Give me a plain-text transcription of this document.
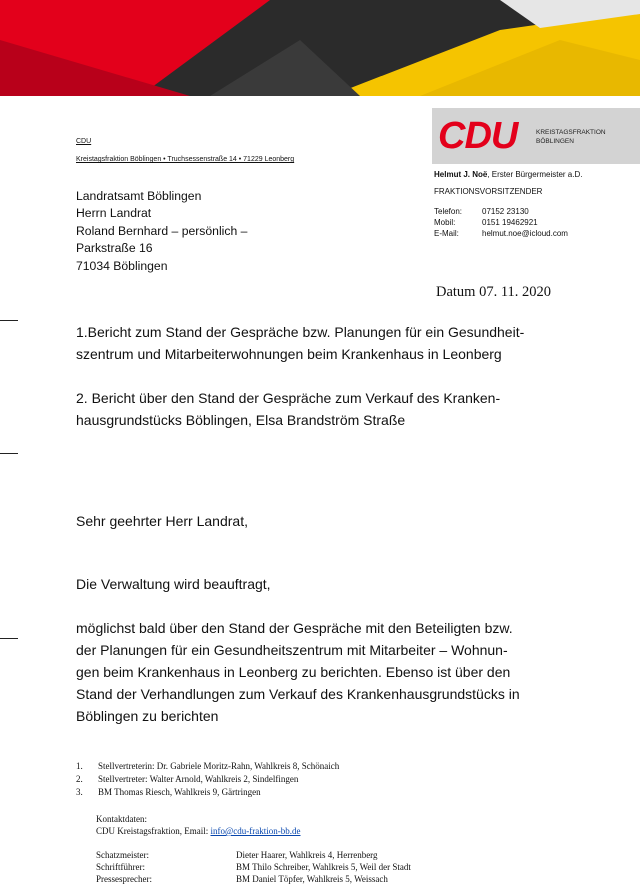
CDU
Kreistagsfraktion Böblingen • Truchsessenstraße 14 • 71229 Leonberg
Landratsamt Böblingen
Herrn Landrat
Roland Bernhard – persönlich –
Parkstraße 16
71034 Böblingen
CDU	KREISTAGSFRAKTION
BÖBLINGEN
Helmut J. Noë, Erster Bürgermeister a.D.
FRAKTIONSVORSITZENDER
Telefon: 07152 23130
Mobil:	0151 19462921
E-Mail:	helmut.noe@icloud.com
Datum 07. 11. 2020
1.Bericht zum Stand der Gespräche bzw. Planungen für ein Gesundheit-
szentrum und Mitarbeiterwohnungen beim Krankenhaus in Leonberg
2. Bericht über den Stand der Gespräche zum Verkauf des Kranken-
hausgrundstücks Böblingen, Elsa Brandström Straße
Sehr geehrter Herr Landrat,
Die Verwaltung wird beauftragt,
möglichst bald über den Stand der Gespräche mit den Beteiligten bzw.
der Planungen für ein Gesundheitszentrum mit Mitarbeiter – Wohnun-
gen beim Krankenhaus in Leonberg zu berichten. Ebenso ist über den
Stand der Verhandlungen zum Verkauf des Krankenhausgrundstücks in
Böblingen zu berichten
1. Stellvertreterin: Dr. Gabriele Moritz-Rahn, Wahlkreis 8, Schönaich
2. Stellvertreter: Walter Arnold, Wahlkreis 2, Sindelfingen
3. BM Thomas Riesch, Wahlkreis 9, Gärtringen
Kontaktdaten:
CDU Kreistagsfraktion, Email: info@cdu-fraktion-bb.de
Schatzmeister:	Dieter Haarer, Wahlkreis 4, Herrenberg
Schriftführer:	BM Thilo Schreiber, Wahlkreis 5, Weil der Stadt
Pressesprecher:	BM Daniel Töpfer, Wahlkreis 5, Weissach
